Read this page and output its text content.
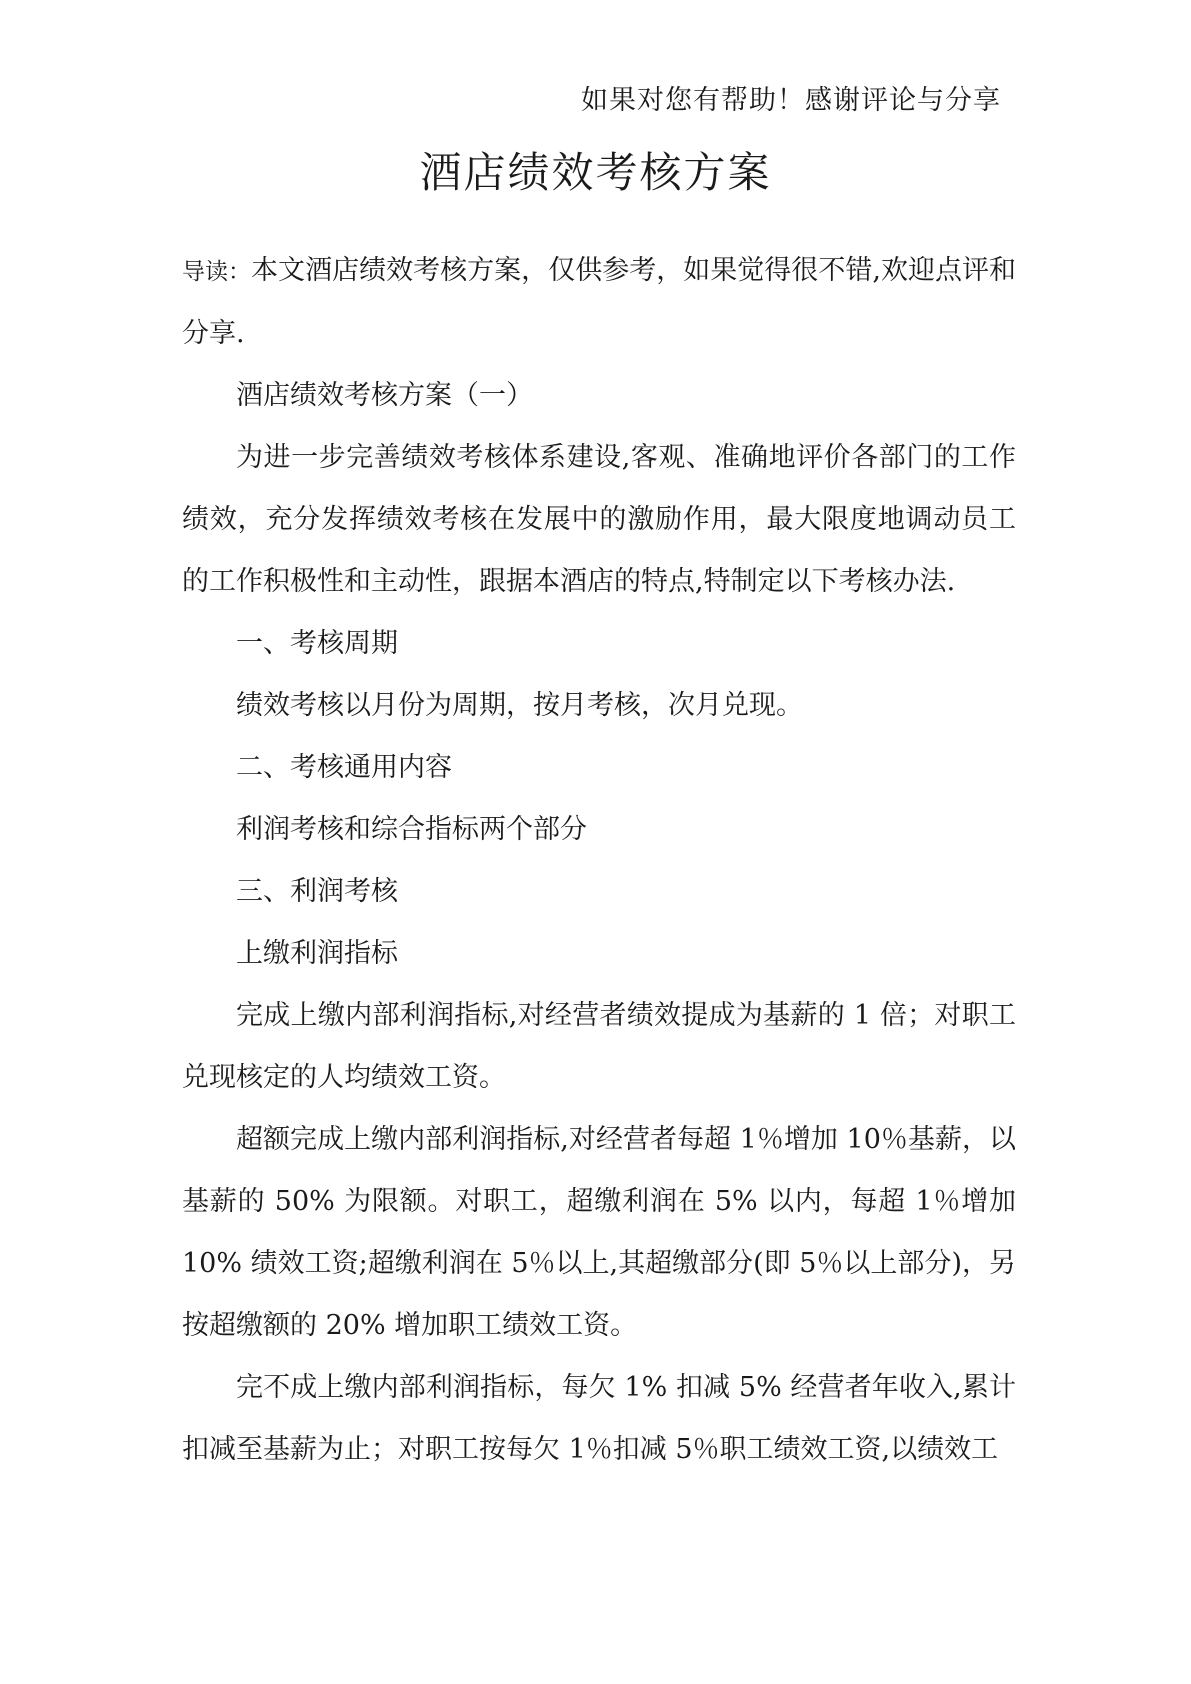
如果对您有帮助！感谢评论与分享
酒店绩效考核方案

导读：本文酒店绩效考核方案，仅供参考，如果觉得很不错,欢迎点评和分享.

酒店绩效考核方案（一）

为进一步完善绩效考核体系建设,客观、准确地评价各部门的工作绩效，充分发挥绩效考核在发展中的激励作用，最大限度地调动员工的工作积极性和主动性，跟据本酒店的特点,特制定以下考核办法.

一、考核周期

绩效考核以月份为周期，按月考核，次月兑现。

二、考核通用内容

利润考核和综合指标两个部分

三、利润考核

上缴利润指标

完成上缴内部利润指标,对经营者绩效提成为基薪的 1 倍；对职工兑现核定的人均绩效工资。

超额完成上缴内部利润指标,对经营者每超 1％增加 10％基薪，以基薪的 50% 为限额。对职工，超缴利润在 5% 以内，每超 1％增加 10% 绩效工资;超缴利润在 5％以上,其超缴部分(即 5％以上部分)，另按超缴额的 20% 增加职工绩效工资。

完不成上缴内部利润指标，每欠 1% 扣减 5% 经营者年收入,累计扣减至基薪为止；对职工按每欠 1％扣减 5％职工绩效工资,以绩效工
